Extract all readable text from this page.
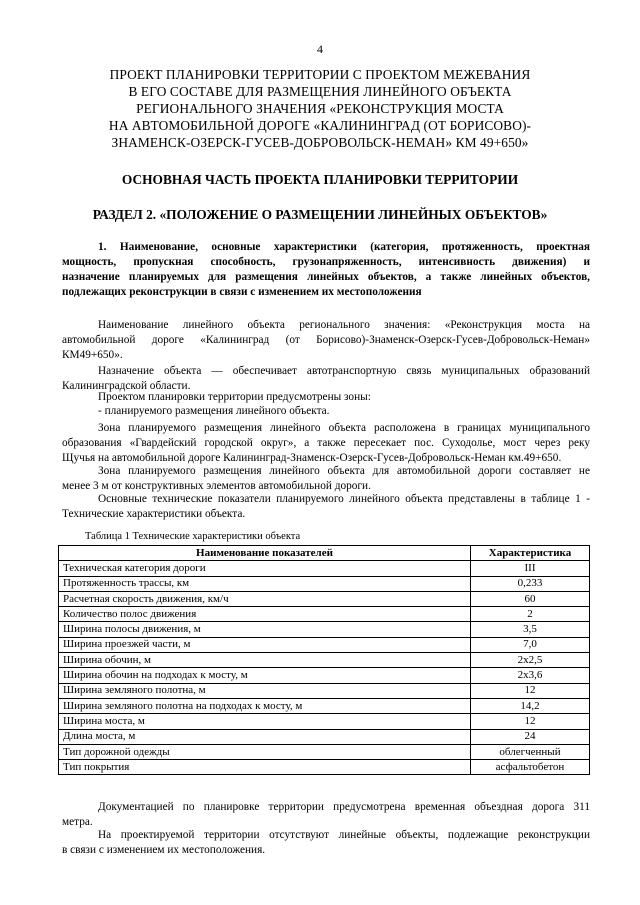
4
ПРОЕКТ ПЛАНИРОВКИ ТЕРРИТОРИИ С ПРОЕКТОМ МЕЖЕВАНИЯ
В ЕГО СОСТАВЕ ДЛЯ РАЗМЕЩЕНИЯ ЛИНЕЙНОГО ОБЪЕКТА
РЕГИОНАЛЬНОГО ЗНАЧЕНИЯ «РЕКОНСТРУКЦИЯ МОСТА
НА АВТОМОБИЛЬНОЙ ДОРОГЕ «КАЛИНИНГРАД (ОТ БОРИСОВО)-
ЗНАМЕНСК-ОЗЕРСК-ГУСЕВ-ДОБРОВОЛЬСК-НЕМАН» КМ 49+650»
ОСНОВНАЯ ЧАСТЬ ПРОЕКТА ПЛАНИРОВКИ ТЕРРИТОРИИ
РАЗДЕЛ 2. «ПОЛОЖЕНИЕ О РАЗМЕЩЕНИИ ЛИНЕЙНЫХ ОБЪЕКТОВ»
1. Наименование, основные характеристики (категория, протяженность, проектная
мощность, пропускная способность, грузонапряженность, интенсивность движения) и
назначение планируемых для размещения линейных объектов, а также линейных объектов,
подлежащих реконструкции в связи с изменением их местоположения
Наименование линейного объекта регионального значения: «Реконструкция моста на
автомобильной дороге «Калининград (от Борисово)-Знаменск-Озерск-Гусев-Добровольск-Неман»
КМ49+650».
Назначение объекта — обеспечивает автотранспортную связь муниципальных образований
Калининградской области.
Проектом планировки территории предусмотрены зоны:
- планируемого размещения линейного объекта.
Зона планируемого размещения линейного объекта расположена в границах муниципального
образования «Гвардейский городской округ», а также пересекает пос. Суходолье, мост через реку
Щучья на автомобильной дороге Калининград-Знаменск-Озерск-Гусев-Добровольск-Неман км.49+650.
Зона планируемого размещения линейного объекта для автомобильной дороги составляет не
менее 3 м от конструктивных элементов автомобильной дороги.
Основные технические показатели планируемого линейного объекта представлены в таблице 1 -
Технические характеристики объекта.
Таблица 1 Технические характеристики объекта
Наименование показателей	Характеристика
Техническая категория дороги	III
Протяженность трассы, км	0,233
Расчетная скорость движения, км/ч	60
Количество полос движения	2
Ширина полосы движения, м	3,5
Ширина проезжей части, м	7,0
Ширина обочин, м	2х2,5
Ширина обочин на подходах к мосту, м	2х3,6
Ширина земляного полотна, м	12
Ширина земляного полотна на подходах к мосту, м	14,2
Ширина моста, м	12
Длина моста, м	24
Тип дорожной одежды	облегченный
Тип покрытия	асфальтобетон
Документацией по планировке территории предусмотрена временная объездная дорога 311
метра.
На проектируемой территории отсутствуют линейные объекты, подлежащие реконструкции
в связи с изменением их местоположения.
